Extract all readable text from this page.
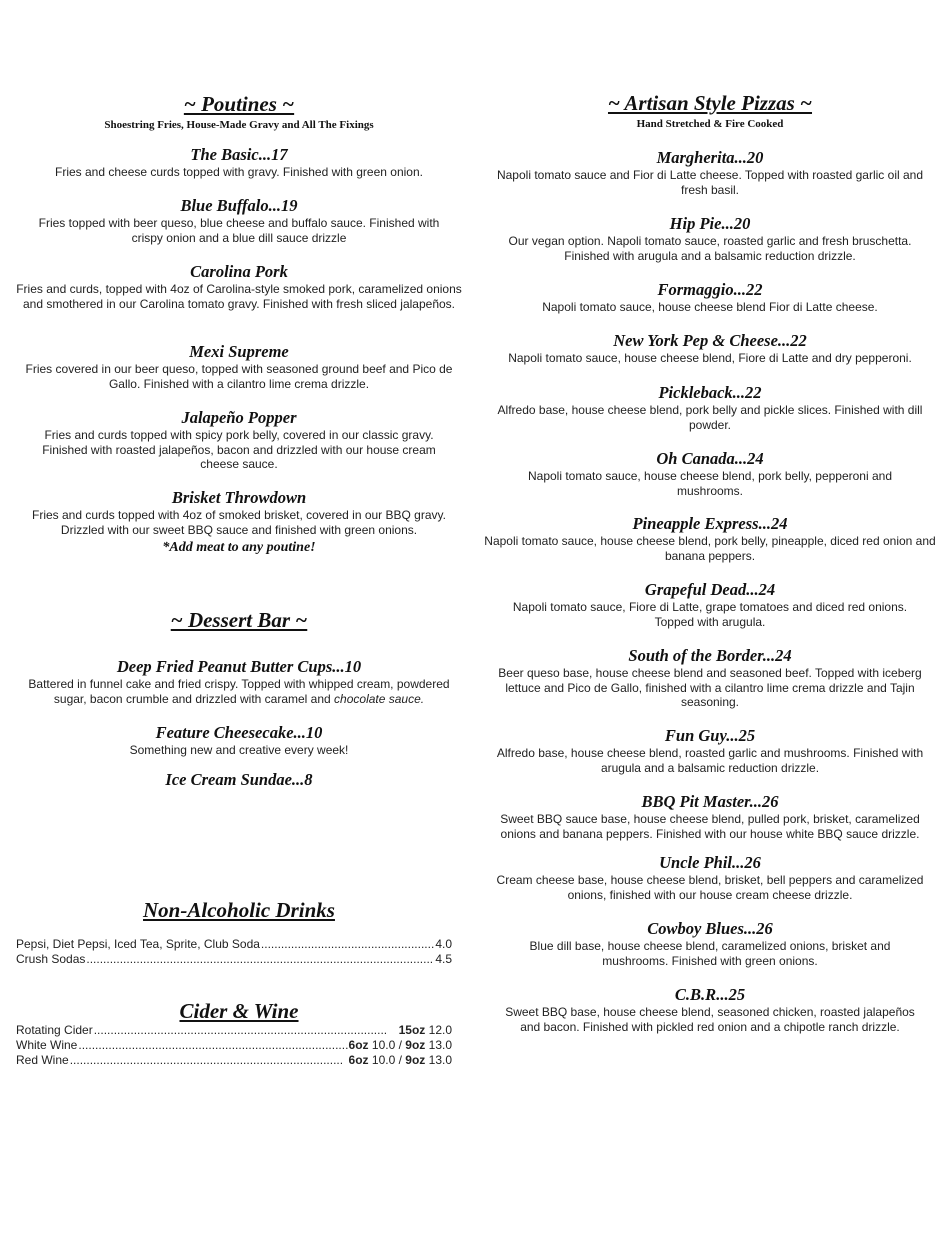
~ Poutines ~
Shoestring Fries, House-Made Gravy and All The Fixings
The Basic...17
Fries and cheese curds topped with gravy. Finished with green onion.
Blue Buffalo...19
Fries topped with beer queso, blue cheese and buffalo sauce. Finished with crispy onion and a blue dill sauce drizzle
Carolina Pork
Fries and curds, topped with 4oz of Carolina-style smoked pork, caramelized onions and smothered in our Carolina tomato gravy. Finished with fresh sliced jalapeños.
Mexi Supreme
Fries covered in our beer queso, topped with seasoned ground beef and Pico de Gallo. Finished with a cilantro lime crema drizzle.
Jalapeño Popper
Fries and curds topped with spicy pork belly, covered in our classic gravy. Finished with roasted jalapeños, bacon and drizzled with our house cream cheese sauce.
Brisket Throwdown
Fries and curds topped with 4oz of smoked brisket, covered in our BBQ gravy. Drizzled with our sweet BBQ sauce and finished with green onions.
*Add meat to any poutine!
~ Dessert Bar ~
Deep Fried Peanut Butter Cups...10
Battered in funnel cake and fried crispy. Topped with whipped cream, powdered sugar, bacon crumble and drizzled with caramel and chocolate sauce.
Feature Cheesecake...10
Something new and creative every week!
Ice Cream Sundae...8
Non-Alcoholic Drinks
Pepsi, Diet Pepsi, Iced Tea, Sprite, Club Soda .....	4.0
Crush Sodas .....	4.5
Cider & Wine
Rotating Cider .....	15oz 12.0
White Wine .....	6oz 10.0 / 9oz 13.0
Red Wine .....	6oz 10.0 / 9oz 13.0
~ Artisan Style Pizzas ~
Hand Stretched & Fire Cooked
Margherita...20
Napoli tomato sauce and Fior di Latte cheese. Topped with roasted garlic oil and fresh basil.
Hip Pie...20
Our vegan option. Napoli tomato sauce, roasted garlic and fresh bruschetta. Finished with arugula and a balsamic reduction drizzle.
Formaggio...22
Napoli tomato sauce, house cheese blend Fior di Latte cheese.
New York Pep & Cheese...22
Napoli tomato sauce, house cheese blend, Fiore di Latte and dry pepperoni.
Pickleback...22
Alfredo base, house cheese blend, pork belly and pickle slices. Finished with dill powder.
Oh Canada...24
Napoli tomato sauce, house cheese blend, pork belly, pepperoni and mushrooms.
Pineapple Express...24
Napoli tomato sauce, house cheese blend, pork belly, pineapple, diced red onion and banana peppers.
Grapeful Dead...24
Napoli tomato sauce, Fiore di Latte, grape tomatoes and diced red onions. Topped with arugula.
South of the Border...24
Beer queso base, house cheese blend and seasoned beef. Topped with iceberg lettuce and Pico de Gallo, finished with a cilantro lime crema drizzle and Tajin seasoning.
Fun Guy...25
Alfredo base, house cheese blend, roasted garlic and mushrooms. Finished with arugula and a balsamic reduction drizzle.
BBQ Pit Master...26
Sweet BBQ sauce base, house cheese blend, pulled pork, brisket, caramelized onions and banana peppers. Finished with our house white BBQ sauce drizzle.
Uncle Phil...26
Cream cheese base, house cheese blend, brisket, bell peppers and caramelized onions, finished with our house cream cheese drizzle.
Cowboy Blues...26
Blue dill base, house cheese blend, caramelized onions, brisket and mushrooms. Finished with green onions.
C.B.R...25
Sweet BBQ base, house cheese blend, seasoned chicken, roasted jalapeños and bacon. Finished with pickled red onion and a chipotle ranch drizzle.
